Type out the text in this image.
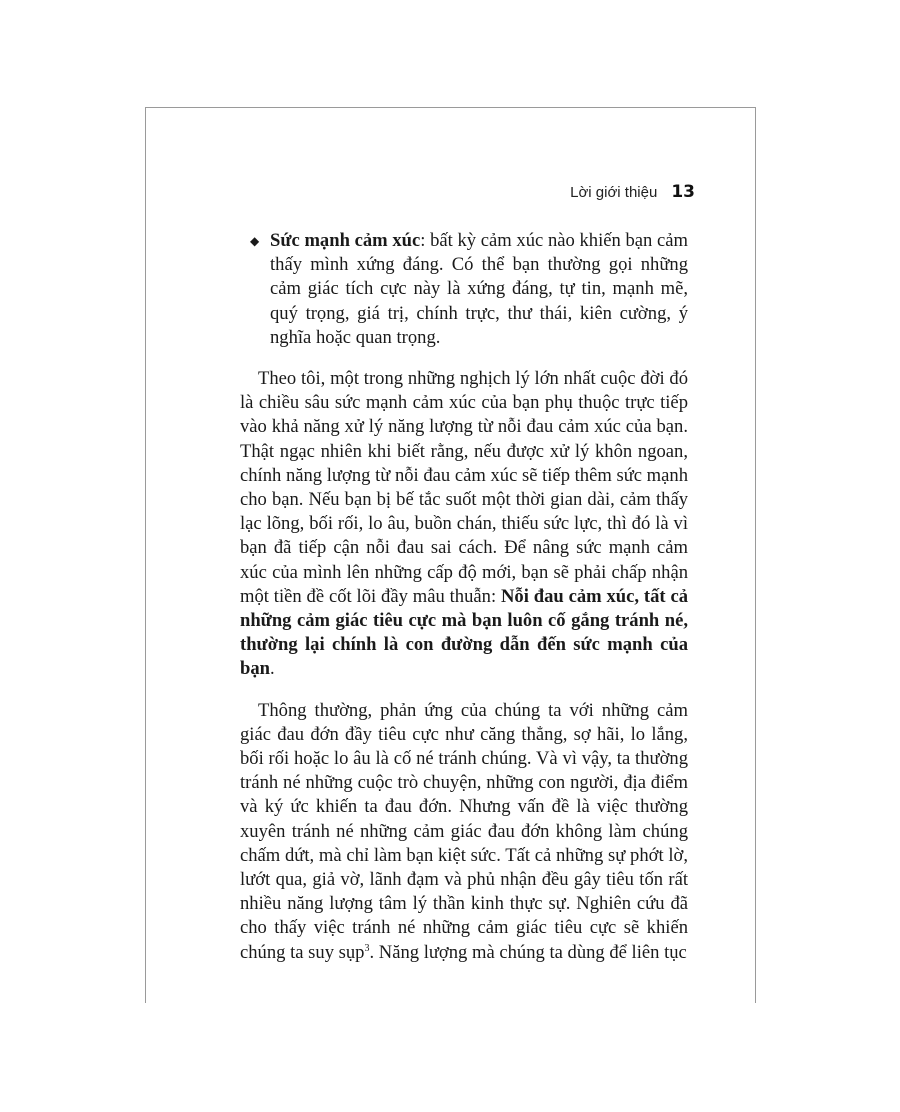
Lời giới thiệu 13
◆ Sức mạnh cảm xúc: bất kỳ cảm xúc nào khiến bạn cảm thấy mình xứng đáng. Có thể bạn thường gọi những cảm giác tích cực này là xứng đáng, tự tin, mạnh mẽ, quý trọng, giá trị, chính trực, thư thái, kiên cường, ý nghĩa hoặc quan trọng.

Theo tôi, một trong những nghịch lý lớn nhất cuộc đời đó là chiều sâu sức mạnh cảm xúc của bạn phụ thuộc trực tiếp vào khả năng xử lý năng lượng từ nỗi đau cảm xúc của bạn. Thật ngạc nhiên khi biết rằng, nếu được xử lý khôn ngoan, chính năng lượng từ nỗi đau cảm xúc sẽ tiếp thêm sức mạnh cho bạn. Nếu bạn bị bế tắc suốt một thời gian dài, cảm thấy lạc lõng, bối rối, lo âu, buồn chán, thiếu sức lực, thì đó là vì bạn đã tiếp cận nỗi đau sai cách. Để nâng sức mạnh cảm xúc của mình lên những cấp độ mới, bạn sẽ phải chấp nhận một tiền đề cốt lõi đầy mâu thuẫn: Nỗi đau cảm xúc, tất cả những cảm giác tiêu cực mà bạn luôn cố gắng tránh né, thường lại chính là con đường dẫn đến sức mạnh của bạn.

Thông thường, phản ứng của chúng ta với những cảm giác đau đớn đầy tiêu cực như căng thẳng, sợ hãi, lo lắng, bối rối hoặc lo âu là cố né tránh chúng. Và vì vậy, ta thường tránh né những cuộc trò chuyện, những con người, địa điểm và ký ức khiến ta đau đớn. Nhưng vấn đề là việc thường xuyên tránh né những cảm giác đau đớn không làm chúng chấm dứt, mà chỉ làm bạn kiệt sức. Tất cả những sự phớt lờ, lướt qua, giả vờ, lãnh đạm và phủ nhận đều gây tiêu tốn rất nhiều năng lượng tâm lý thần kinh thực sự. Nghiên cứu đã cho thấy việc tránh né những cảm giác tiêu cực sẽ khiến chúng ta suy sụp$^3$. Năng lượng mà chúng ta dùng để liên tục
